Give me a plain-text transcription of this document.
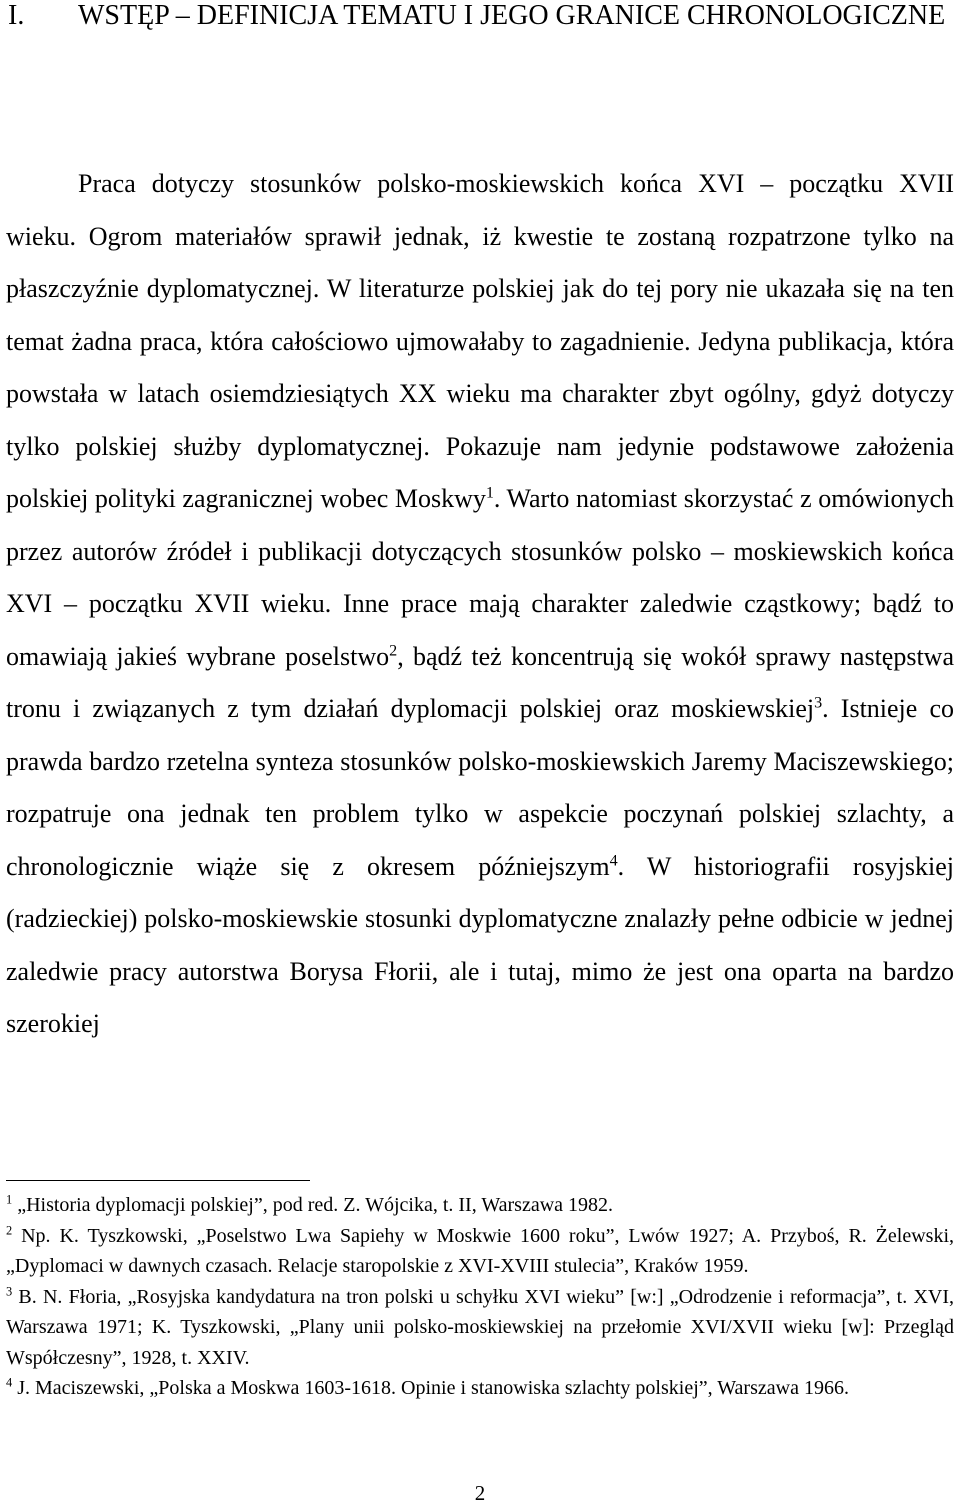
I. WSTĘP – DEFINICJA TEMATU I JEGO GRANICE CHRONOLOGICZNE

Praca dotyczy stosunków polsko-moskiewskich końca XVI – początku XVII wieku. Ogrom materiałów sprawił jednak, iż kwestie te zostaną rozpatrzone tylko na płaszczyźnie dyplomatycznej. W literaturze polskiej jak do tej pory nie ukazała się na ten temat żadna praca, która całościowo ujmowałaby to zagadnienie. Jedyna publikacja, która powstała w latach osiemdziesiątych XX wieku ma charakter zbyt ogólny, gdyż dotyczy tylko polskiej służby dyplomatycznej. Pokazuje nam jedynie podstawowe założenia polskiej polityki zagranicznej wobec Moskwy$^1$. Warto natomiast skorzystać z omówionych przez autorów źródeł i publikacji dotyczących stosunków polsko – moskiewskich końca XVI – początku XVII wieku. Inne prace mają charakter zaledwie cząstkowy; bądź to omawiają jakieś wybrane poselstwo$^2$, bądź też koncentrują się wokół sprawy następstwa tronu i związanych z tym działań dyplomacji polskiej oraz moskiewskiej$^3$. Istnieje co prawda bardzo rzetelna synteza stosunków polsko-moskiewskich Jaremy Maciszewskiego; rozpatruje ona jednak ten problem tylko w aspekcie poczynań polskiej szlachty, a chronologicznie wiąże się z okresem późniejszym$^4$. W historiografii rosyjskiej (radzieckiej) polsko-moskiewskie stosunki dyplomatyczne znalazły pełne odbicie w jednej zaledwie pracy autorstwa Borysa Fłorii, ale i tutaj, mimo że jest ona oparta na bardzo szerokiej

$^1$ „Historia dyplomacji polskiej”, pod red. Z. Wójcika, t. II, Warszawa 1982.

$^2$ Np. K. Tyszkowski, „Poselstwo Lwa Sapiehy w Moskwie 1600 roku”, Lwów 1927; A. Przyboś, R. Żelewski, „Dyplomaci w dawnych czasach. Relacje staropolskie z XVI-XVIII stulecia”, Kraków 1959.

$^3$ B. N. Fłoria, „Rosyjska kandydatura na tron polski u schyłku XVI wieku” [w:] „Odrodzenie i reformacja”, t. XVI, Warszawa 1971; K. Tyszkowski, „Plany unii polsko-moskiewskiej na przełomie XVI/XVII wieku [w]: Przegląd Współczesny”, 1928, t. XXIV.

$^4$ J. Maciszewski, „Polska a Moskwa 1603-1618. Opinie i stanowiska szlachty polskiej”, Warszawa 1966.

2
